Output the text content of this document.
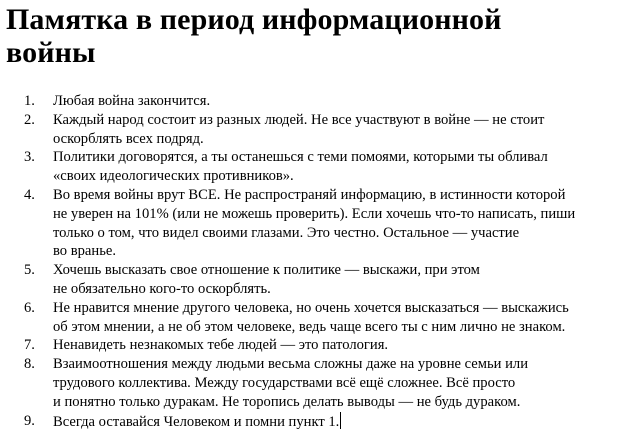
Памятка в период информационной
войны
1.	Любая война закончится.
2.	Каждый народ состоит из разных людей. Не все участвуют в войне — не стоит
оскорблять всех подряд.
3.	Политики договорятся, а ты останешься с теми помоями, которыми ты обливал
«своих идеологических противников».
4.	Во время войны врут ВСЕ. Не распространяй информацию, в истинности которой
не уверен на 101% (или не можешь проверить). Если хочешь что-то написать, пиши
только о том, что видел своими глазами. Это честно. Остальное — участие
во вранье.
5.	Хочешь высказать свое отношение к политике — выскажи, при этом
не обязательно кого-то оскорблять.
6.	Не нравится мнение другого человека, но очень хочется высказаться — выскажись
об этом мнении, а не об этом человеке, ведь чаще всего ты с ним лично не знаком.
7.	Ненавидеть незнакомых тебе людей — это патология.
8.	Взаимоотношения между людьми весьма сложны даже на уровне семьи или
трудового коллектива. Между государствами всё ещё сложнее. Всё просто
и понятно только дуракам. Не торопись делать выводы — не будь дураком.
9.	Всегда оставайся Человеком и помни пункт 1.
